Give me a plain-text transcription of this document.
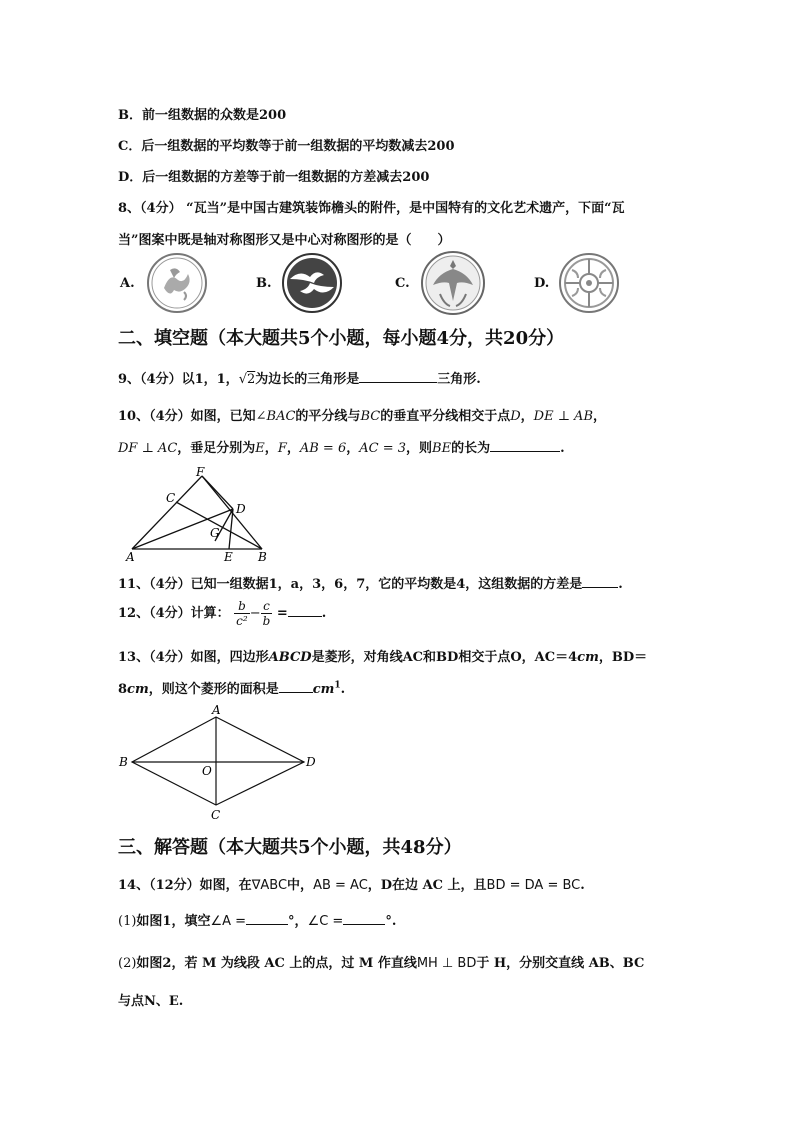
B．前一组数据的众数是200
C．后一组数据的平均数等于前一组数据的平均数减去200
D．后一组数据的方差等于前一组数据的方差减去200
8、（4分） “瓦当”是中国古建筑装饰檐头的附件，是中国特有的文化艺术遗产，下面“瓦
当”图案中既是轴对称图形又是中心对称图形的是（　　）
A.	B.	C.	D.
二、填空题（本大题共5个小题，每小题4分，共20分）
9、（4分）以1，1，√2为边长的三角形是	三角形.
10、（4分）如图，已知∠BAC的平分线与BC的垂直平分线相交于点D，DE ⊥ AB，
DF ⊥ AC，垂足分别为E，F，AB = 6，AC = 3，则BE的长为	.
F
C
D
G
A	E B
11、（4分）已知一组数据1，a，3，6，7，它的平均数是4，这组数据的方差是	.
12、（4分）计算： $\frac{b}{\text{c²}} - \frac{c}{b}$ =	.
13、（4分）如图，四边形ABCD是菱形，对角线AC和BD相交于点O，AC＝4cm，BD＝
8cm，则这个菱形的面积是	$cm^1$.
A
B
C
D
O
三、解答题（本大题共5个小题，共48分）
14、（12分）如图，在∇ABC中，AB = AC，D在边 AC 上，且BD = DA = BC.
(1)如图1，填空∠A =	°，∠C =	°.
(2)如图2，若 M 为线段 AC 上的点，过 M 作直线MH ⊥ BD于 H，分别交直线 AB、BC
与点N、E.
